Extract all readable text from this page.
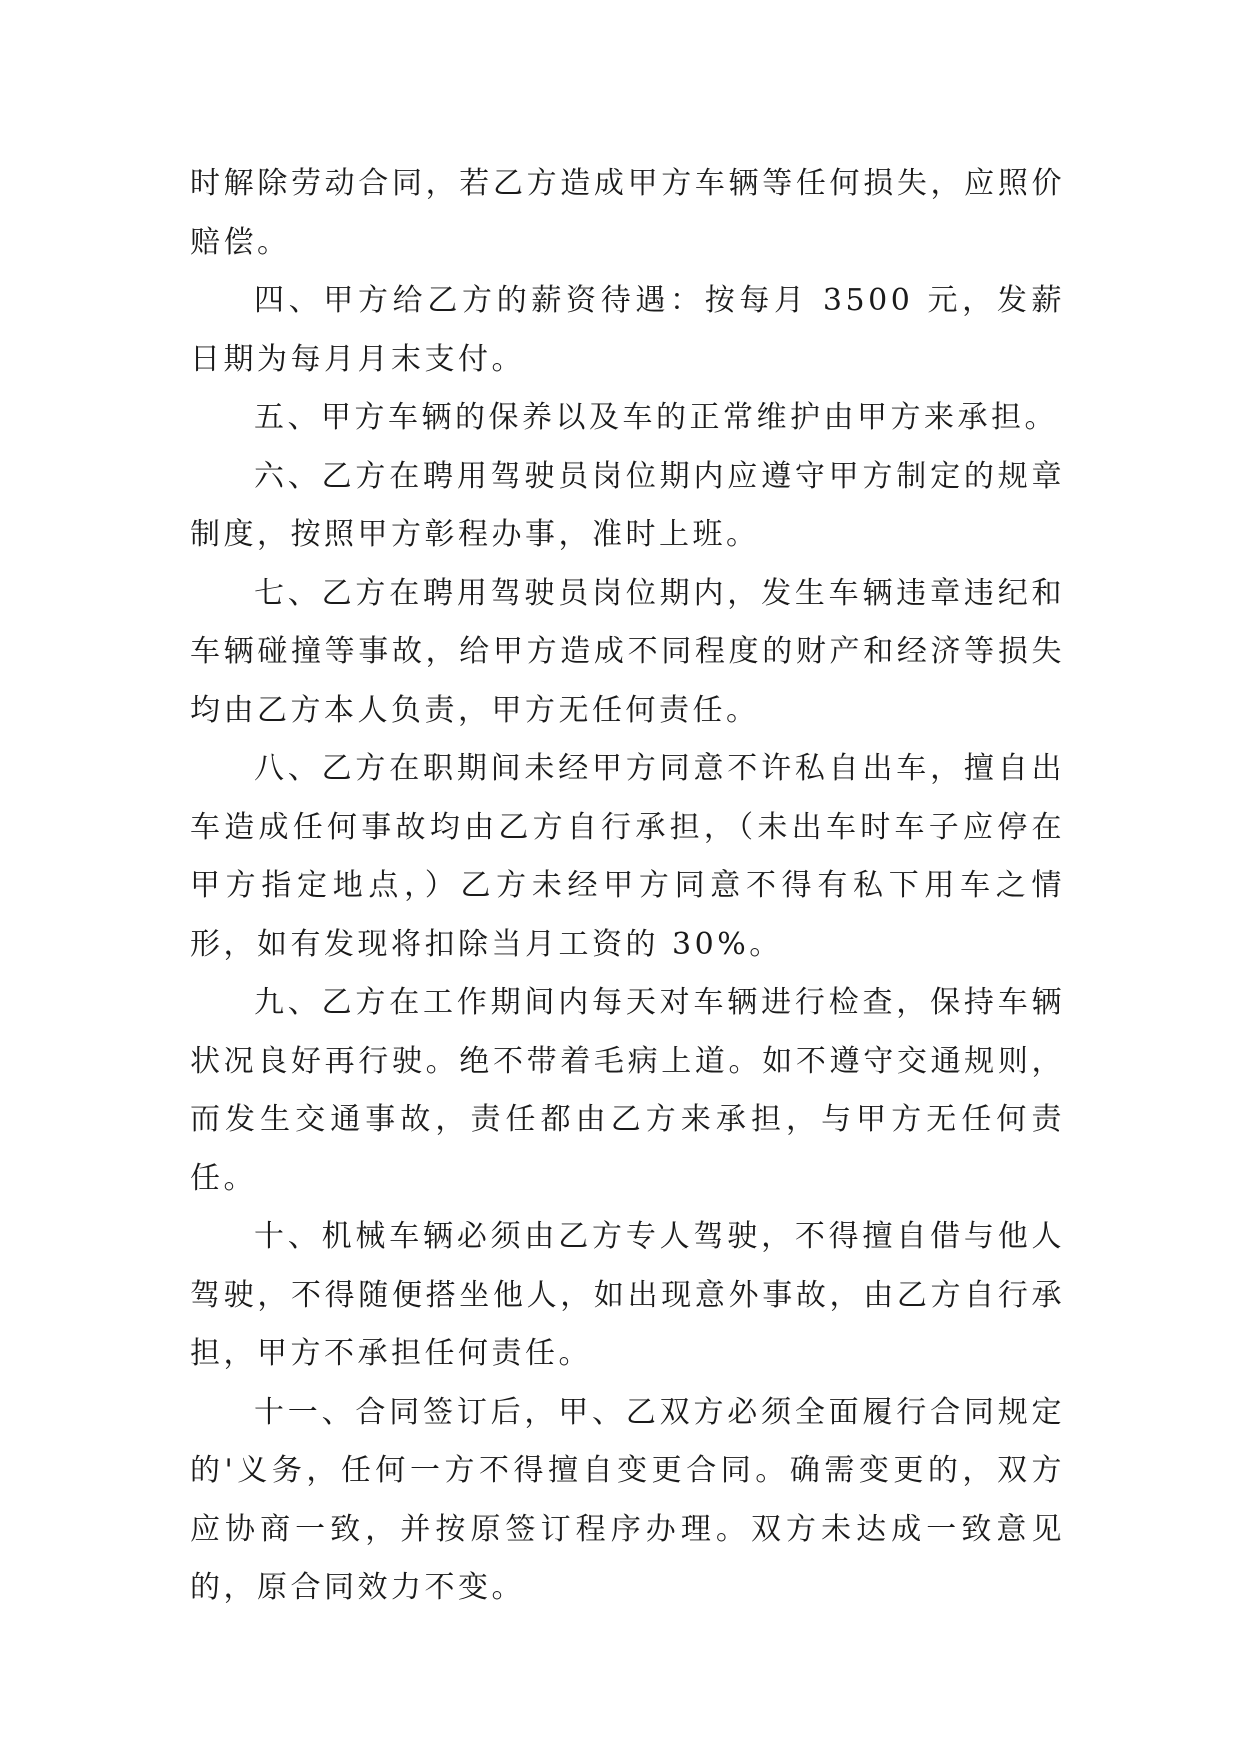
时解除劳动合同，若乙方造成甲方车辆等任何损失，应照价赔偿。

四、甲方给乙方的薪资待遇：按每月 3500 元，发薪日期为每月月末支付。

五、甲方车辆的保养以及车的正常维护由甲方来承担。

六、乙方在聘用驾驶员岗位期内应遵守甲方制定的规章制度，按照甲方彰程办事，准时上班。

七、乙方在聘用驾驶员岗位期内，发生车辆违章违纪和车辆碰撞等事故，给甲方造成不同程度的财产和经济等损失均由乙方本人负责，甲方无任何责任。

八、乙方在职期间未经甲方同意不许私自出车，擅自出车造成任何事故均由乙方自行承担，（未出车时车子应停在甲方指定地点，）乙方未经甲方同意不得有私下用车之情形，如有发现将扣除当月工资的 30%。

九、乙方在工作期间内每天对车辆进行检查，保持车辆状况良好再行驶。绝不带着毛病上道。如不遵守交通规则，而发生交通事故，责任都由乙方来承担，与甲方无任何责任。

十、机械车辆必须由乙方专人驾驶，不得擅自借与他人驾驶，不得随便搭坐他人，如出现意外事故，由乙方自行承担，甲方不承担任何责任。

十一、合同签订后，甲、乙双方必须全面履行合同规定的'义务，任何一方不得擅自变更合同。确需变更的，双方应协商一致，并按原签订程序办理。双方未达成一致意见的，原合同效力不变。
